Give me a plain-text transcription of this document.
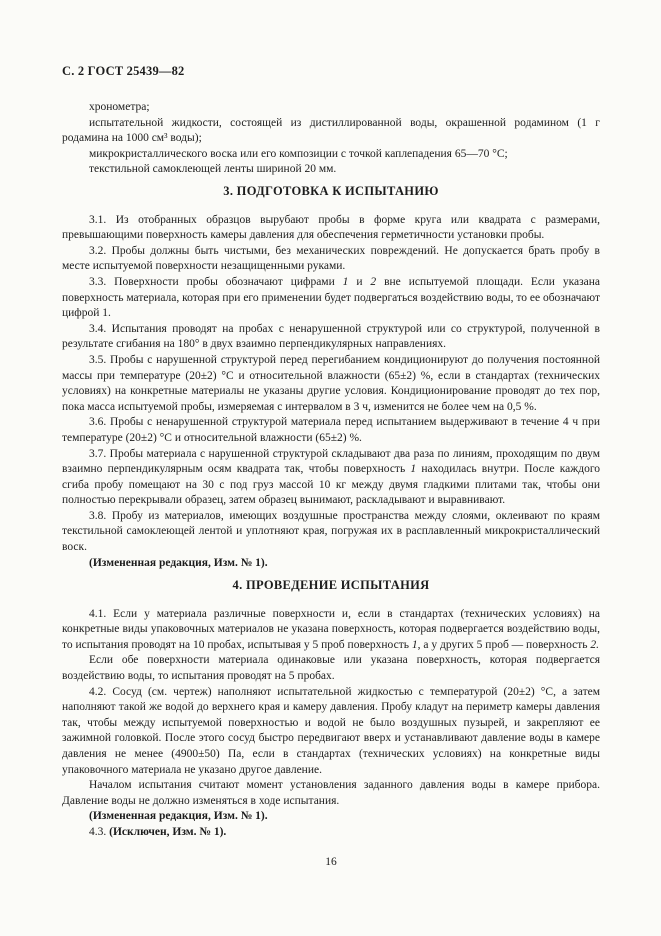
С. 2 ГОСТ 25439—82

хронометра;

испытательной жидкости, состоящей из дистиллированной воды, окрашенной родамином (1 г родамина на 1000 см³ воды);

микрокристаллического воска или его композиции с точкой каплепадения 65—70 °С;

текстильной самоклеющей ленты шириной 20 мм.

3. ПОДГОТОВКА К ИСПЫТАНИЮ

3.1. Из отобранных образцов вырубают пробы в форме круга или квадрата с размерами, превышающими поверхность камеры давления для обеспечения герметичности установки пробы.

3.2. Пробы должны быть чистыми, без механических повреждений. Не допускается брать пробу в месте испытуемой поверхности незащищенными руками.

3.3. Поверхности пробы обозначают цифрами 1 и 2 вне испытуемой площади. Если указана поверхность материала, которая при его применении будет подвергаться воздействию воды, то ее обозначают цифрой 1.

3.4. Испытания проводят на пробах с ненарушенной структурой или со структурой, полученной в результате сгибания на 180° в двух взаимно перпендикулярных направлениях.

3.5. Пробы с нарушенной структурой перед перегибанием кондиционируют до получения постоянной массы при температуре (20±2) °С и относительной влажности (65±2) %, если в стандартах (технических условиях) на конкретные материалы не указаны другие условия. Кондиционирование проводят до тех пор, пока масса испытуемой пробы, измеряемая с интервалом в 3 ч, изменится не более чем на 0,5 %.

3.6. Пробы с ненарушенной структурой материала перед испытанием выдерживают в течение 4 ч при температуре (20±2) °С и относительной влажности (65±2) %.

3.7. Пробы материала с нарушенной структурой складывают два раза по линиям, проходящим по двум взаимно перпендикулярным осям квадрата так, чтобы поверхность 1 находилась внутри. После каждого сгиба пробу помещают на 30 с под груз массой 10 кг между двумя гладкими плитами так, чтобы они полностью перекрывали образец, затем образец вынимают, раскладывают и выравнивают.

3.8. Пробу из материалов, имеющих воздушные пространства между слоями, оклеивают по краям текстильной самоклеющей лентой и уплотняют края, погружая их в расплавленный микрокристаллический воск.

(Измененная редакция, Изм. № 1).

4. ПРОВЕДЕНИЕ ИСПЫТАНИЯ

4.1. Если у материала различные поверхности и, если в стандартах (технических условиях) на конкретные виды упаковочных материалов не указана поверхность, которая подвергается воздействию воды, то испытания проводят на 10 пробах, испытывая у 5 проб поверхность 1, а у других 5 проб — поверхность 2.

Если обе поверхности материала одинаковые или указана поверхность, которая подвергается воздействию воды, то испытания проводят на 5 пробах.

4.2. Сосуд (см. чертеж) наполняют испытательной жидкостью с температурой (20±2) °С, а затем наполняют такой же водой до верхнего края и камеру давления. Пробу кладут на периметр камеры давления так, чтобы между испытуемой поверхностью и водой не было воздушных пузырей, и закрепляют ее зажимной головкой. После этого сосуд быстро передвигают вверх и устанавливают давление воды в камере давления не менее (4900±50) Па, если в стандартах (технических условиях) на конкретные виды упаковочного материала не указано другое давление.

Началом испытания считают момент установления заданного давления воды в камере прибора. Давление воды не должно изменяться в ходе испытания.

(Измененная редакция, Изм. № 1).

4.3. (Исключен, Изм. № 1).

16
